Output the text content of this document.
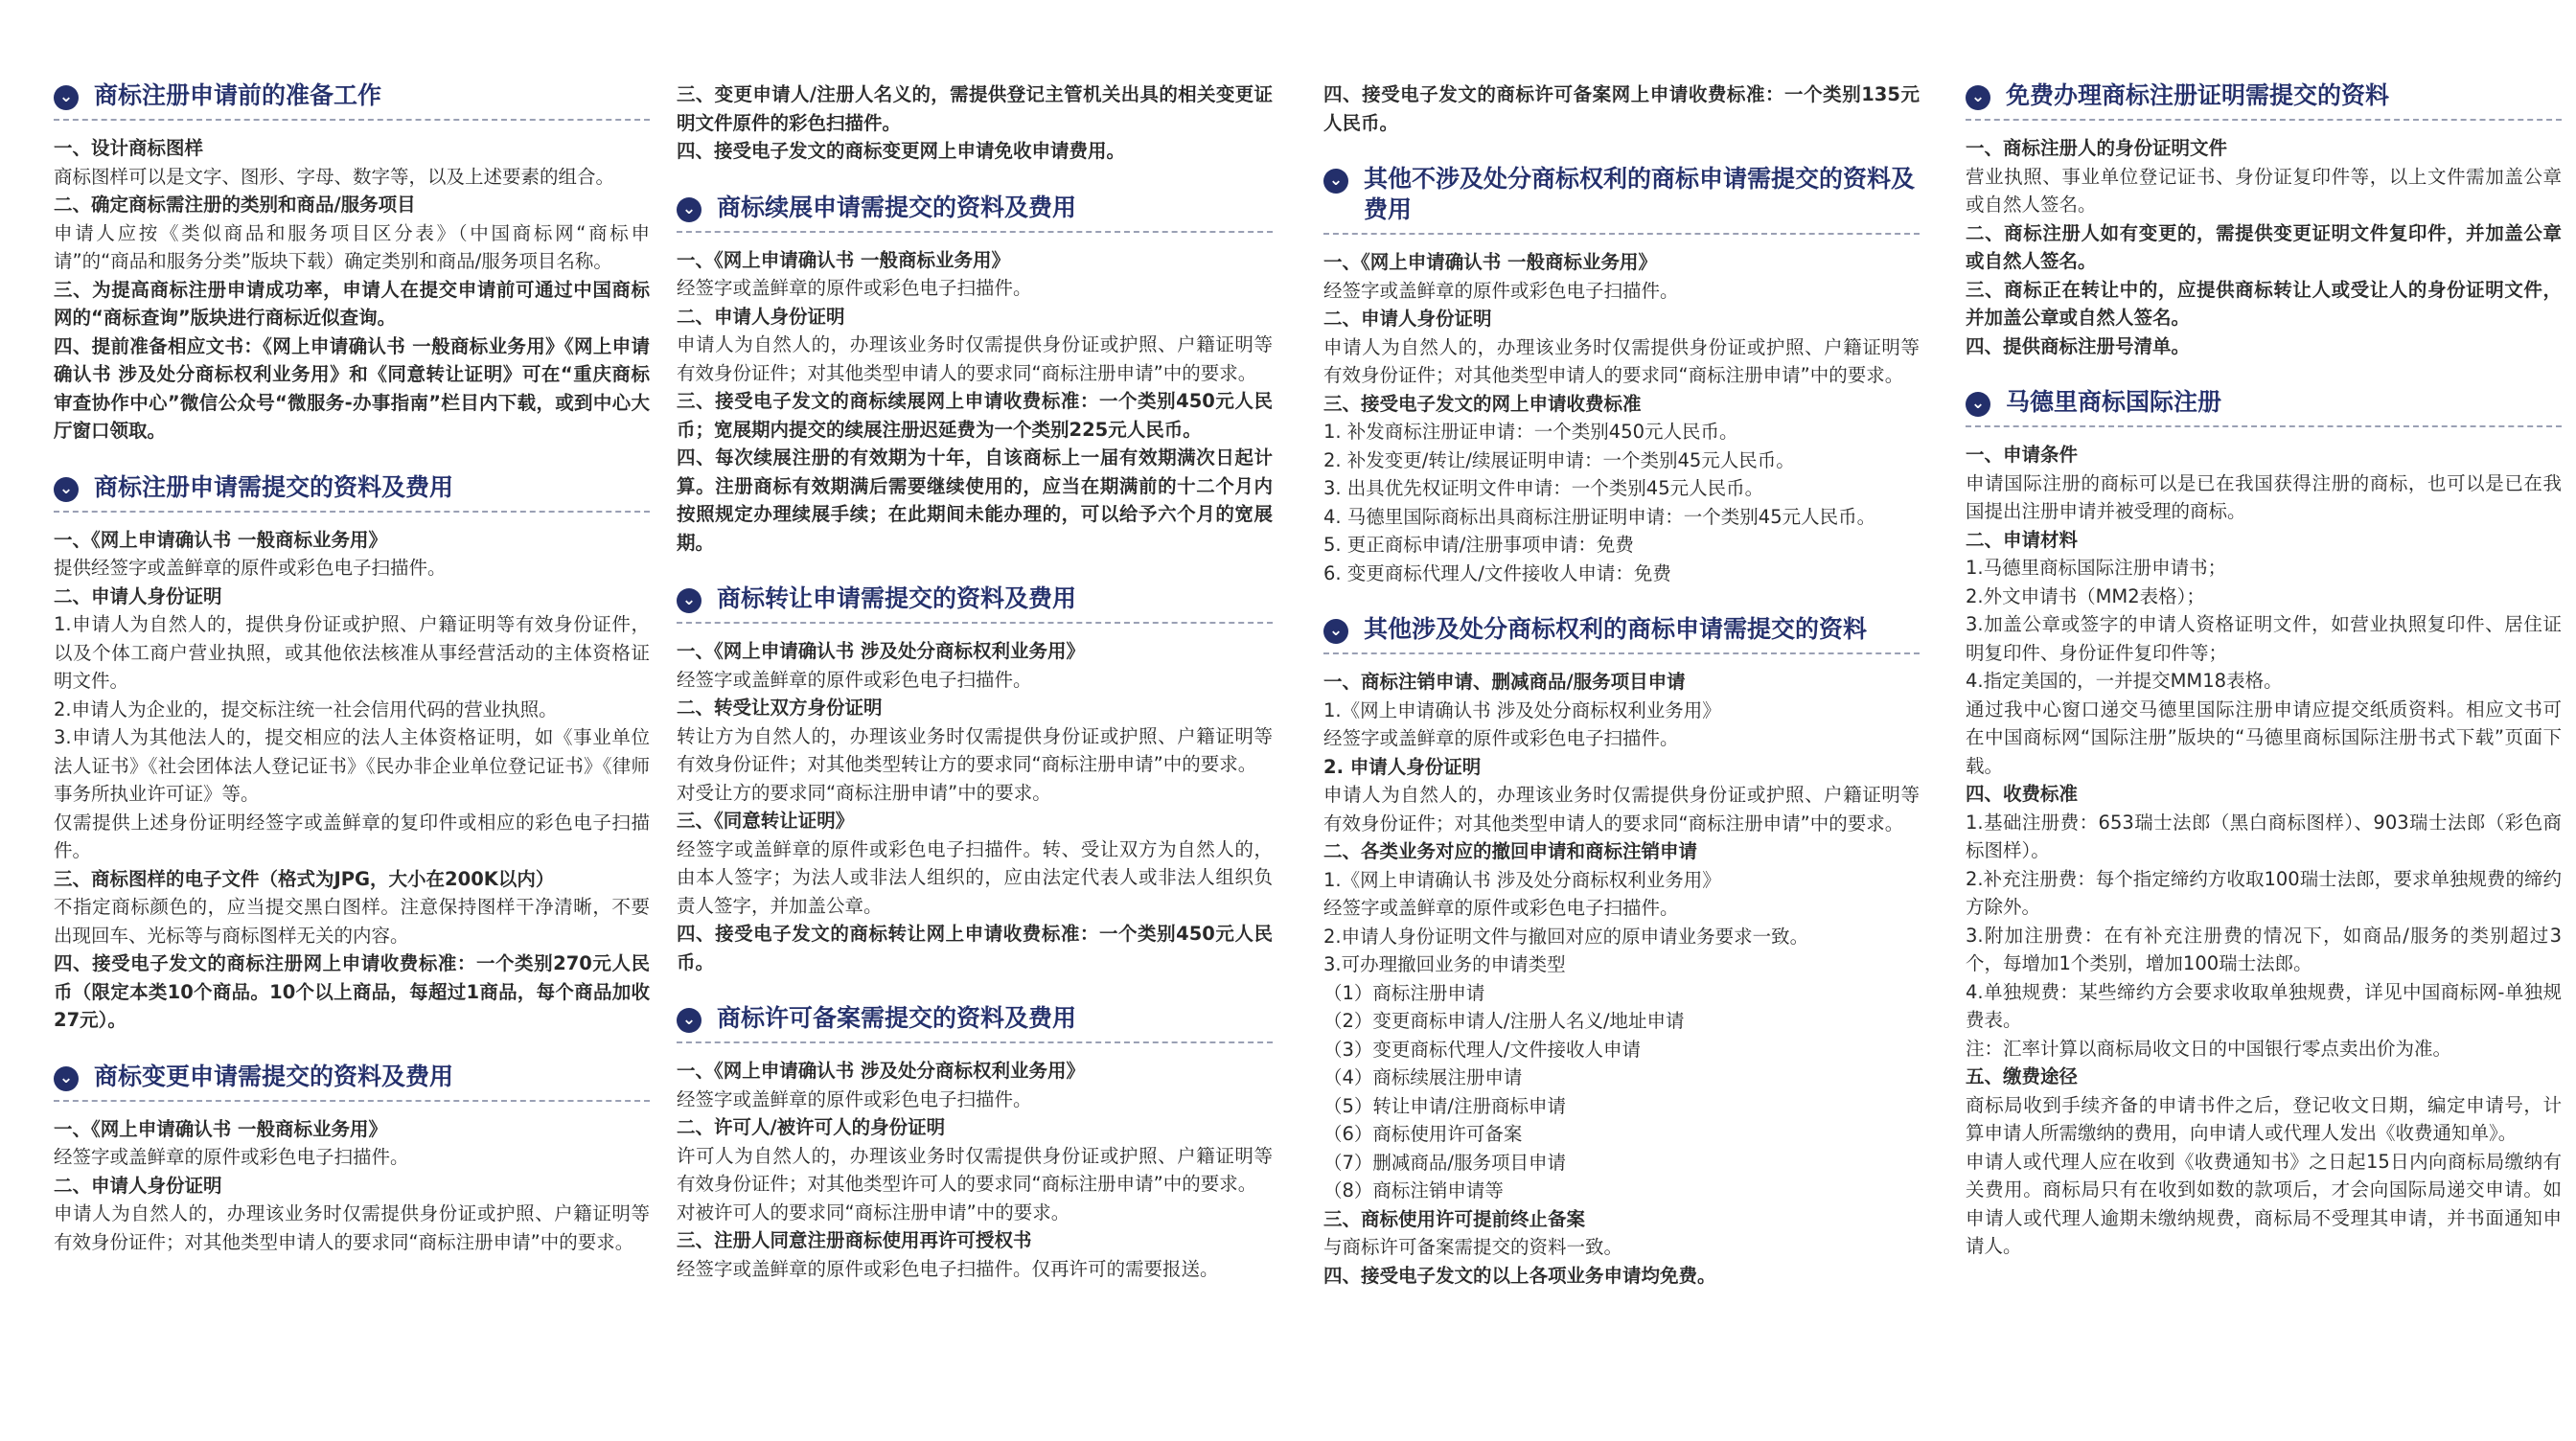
⌄ 商标注册申请前的准备工作

一、设计商标图样

商标图样可以是文字、图形、字母、数字等，以及上述要素的组合。

二、确定商标需注册的类别和商品/服务项目

申请人应按《类似商品和服务项目区分表》（中国商标网“商标申请”的“商品和服务分类”版块下载）确定类别和商品/服务项目名称。

三、为提高商标注册申请成功率，申请人在提交申请前可通过中国商标网的“商标查询”版块进行商标近似查询。

四、提前准备相应文书：《网上申请确认书 一般商标业务用》《网上申请确认书 涉及处分商标权利业务用》和《同意转让证明》可在“重庆商标审查协作中心”微信公众号“微服务-办事指南”栏目内下载，或到中心大厅窗口领取。

⌄ 商标注册申请需提交的资料及费用

一、《网上申请确认书 一般商标业务用》

提供经签字或盖鲜章的原件或彩色电子扫描件。

二、申请人身份证明

1.申请人为自然人的，提供身份证或护照、户籍证明等有效身份证件，以及个体工商户营业执照，或其他依法核准从事经营活动的主体资格证明文件。

2.申请人为企业的，提交标注统一社会信用代码的营业执照。

3.申请人为其他法人的，提交相应的法人主体资格证明，如《事业单位法人证书》《社会团体法人登记证书》《民办非企业单位登记证书》《律师事务所执业许可证》等。

仅需提供上述身份证明经签字或盖鲜章的复印件或相应的彩色电子扫描件。

三、商标图样的电子文件（格式为JPG，大小在200K以内）

不指定商标颜色的，应当提交黑白图样。注意保持图样干净清晰，不要出现回车、光标等与商标图样无关的内容。

四、接受电子发文的商标注册网上申请收费标准：一个类别270元人民币（限定本类10个商品。10个以上商品，每超过1商品，每个商品加收27元）。

⌄ 商标变更申请需提交的资料及费用

一、《网上申请确认书 一般商标业务用》

经签字或盖鲜章的原件或彩色电子扫描件。

二、申请人身份证明

申请人为自然人的，办理该业务时仅需提供身份证或护照、户籍证明等有效身份证件；对其他类型申请人的要求同“商标注册申请”中的要求。

三、变更申请人/注册人名义的，需提供登记主管机关出具的相关变更证明文件原件的彩色扫描件。

四、接受电子发文的商标变更网上申请免收申请费用。

⌄ 商标续展申请需提交的资料及费用

一、《网上申请确认书 一般商标业务用》

经签字或盖鲜章的原件或彩色电子扫描件。

二、申请人身份证明

申请人为自然人的，办理该业务时仅需提供身份证或护照、户籍证明等有效身份证件；对其他类型申请人的要求同“商标注册申请”中的要求。

三、接受电子发文的商标续展网上申请收费标准：一个类别450元人民币；宽展期内提交的续展注册迟延费为一个类别225元人民币。

四、每次续展注册的有效期为十年，自该商标上一届有效期满次日起计算。注册商标有效期满后需要继续使用的，应当在期满前的十二个月内按照规定办理续展手续；在此期间未能办理的，可以给予六个月的宽展期。

⌄ 商标转让申请需提交的资料及费用

一、《网上申请确认书 涉及处分商标权利业务用》

经签字或盖鲜章的原件或彩色电子扫描件。

二、转受让双方身份证明

转让方为自然人的，办理该业务时仅需提供身份证或护照、户籍证明等有效身份证件；对其他类型转让方的要求同“商标注册申请”中的要求。

对受让方的要求同“商标注册申请”中的要求。

三、《同意转让证明》

经签字或盖鲜章的原件或彩色电子扫描件。转、受让双方为自然人的，由本人签字；为法人或非法人组织的，应由法定代表人或非法人组织负责人签字，并加盖公章。

四、接受电子发文的商标转让网上申请收费标准：一个类别450元人民币。

⌄ 商标许可备案需提交的资料及费用

一、《网上申请确认书 涉及处分商标权利业务用》

经签字或盖鲜章的原件或彩色电子扫描件。

二、许可人/被许可人的身份证明

许可人为自然人的，办理该业务时仅需提供身份证或护照、户籍证明等有效身份证件；对其他类型许可人的要求同“商标注册申请”中的要求。

对被许可人的要求同“商标注册申请”中的要求。

三、注册人同意注册商标使用再许可授权书

经签字或盖鲜章的原件或彩色电子扫描件。仅再许可的需要报送。

四、接受电子发文的商标许可备案网上申请收费标准：一个类别135元人民币。

⌄ 其他不涉及处分商标权利的商标申请需提交的资料及费用

一、《网上申请确认书 一般商标业务用》

经签字或盖鲜章的原件或彩色电子扫描件。

二、申请人身份证明

申请人为自然人的，办理该业务时仅需提供身份证或护照、户籍证明等有效身份证件；对其他类型申请人的要求同“商标注册申请”中的要求。

三、接受电子发文的网上申请收费标准

1. 补发商标注册证申请：一个类别450元人民币。

2. 补发变更/转让/续展证明申请：一个类别45元人民币。

3. 出具优先权证明文件申请：一个类别45元人民币。

4. 马德里国际商标出具商标注册证明申请：一个类别45元人民币。

5. 更正商标申请/注册事项申请：免费

6. 变更商标代理人/文件接收人申请：免费

⌄ 其他涉及处分商标权利的商标申请需提交的资料

一、商标注销申请、删减商品/服务项目申请

1.《网上申请确认书 涉及处分商标权利业务用》

经签字或盖鲜章的原件或彩色电子扫描件。

2. 申请人身份证明

申请人为自然人的，办理该业务时仅需提供身份证或护照、户籍证明等有效身份证件；对其他类型申请人的要求同“商标注册申请”中的要求。

二、各类业务对应的撤回申请和商标注销申请

1.《网上申请确认书 涉及处分商标权利业务用》

经签字或盖鲜章的原件或彩色电子扫描件。

2.申请人身份证明文件与撤回对应的原申请业务要求一致。

3.可办理撤回业务的申请类型

（1）商标注册申请

（2）变更商标申请人/注册人名义/地址申请

（3）变更商标代理人/文件接收人申请

（4）商标续展注册申请

（5）转让申请/注册商标申请

（6）商标使用许可备案

（7）删减商品/服务项目申请

（8）商标注销申请等

三、商标使用许可提前终止备案

与商标许可备案需提交的资料一致。

四、接受电子发文的以上各项业务申请均免费。

⌄ 免费办理商标注册证明需提交的资料

一、商标注册人的身份证明文件

营业执照、事业单位登记证书、身份证复印件等，以上文件需加盖公章或自然人签名。

二、商标注册人如有变更的，需提供变更证明文件复印件，并加盖公章或自然人签名。

三、商标正在转让中的，应提供商标转让人或受让人的身份证明文件，并加盖公章或自然人签名。

四、提供商标注册号清单。

⌄ 马德里商标国际注册

一、申请条件

申请国际注册的商标可以是已在我国获得注册的商标，也可以是已在我国提出注册申请并被受理的商标。

二、申请材料

1.马德里商标国际注册申请书；

2.外文申请书（MM2表格）；

3.加盖公章或签字的申请人资格证明文件，如营业执照复印件、居住证明复印件、身份证件复印件等；

4.指定美国的，一并提交MM18表格。

通过我中心窗口递交马德里国际注册申请应提交纸质资料。相应文书可在中国商标网“国际注册”版块的“马德里商标国际注册书式下载”页面下载。

四、收费标准

1.基础注册费：653瑞士法郎（黑白商标图样）、903瑞士法郎（彩色商标图样）。

2.补充注册费：每个指定缔约方收取100瑞士法郎，要求单独规费的缔约方除外。

3.附加注册费：在有补充注册费的情况下，如商品/服务的类别超过3个，每增加1个类别，增加100瑞士法郎。

4.单独规费：某些缔约方会要求收取单独规费，详见中国商标网-单独规费表。

注：汇率计算以商标局收文日的中国银行零点卖出价为准。

五、缴费途径

商标局收到手续齐备的申请书件之后，登记收文日期，编定申请号，计算申请人所需缴纳的费用，向申请人或代理人发出《收费通知单》。

申请人或代理人应在收到《收费通知书》之日起15日内向商标局缴纳有关费用。商标局只有在收到如数的款项后，才会向国际局递交申请。如申请人或代理人逾期未缴纳规费，商标局不受理其申请，并书面通知申请人。
